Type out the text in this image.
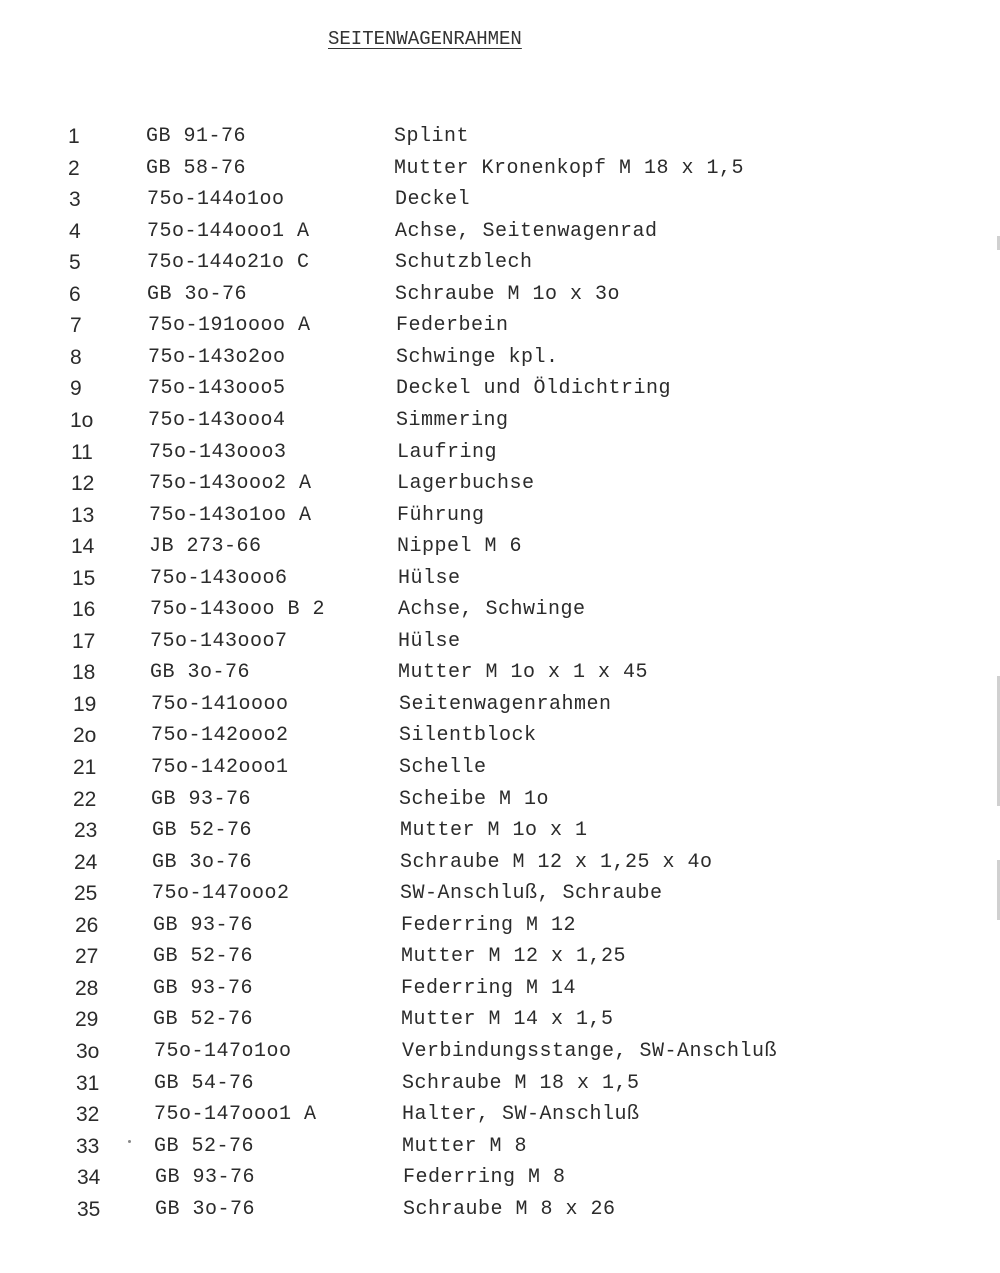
SEITENWAGENRAHMEN
1	GB 91-76	Splint
2	GB 58-76	Mutter Kronenkopf M 18 x 1,5
3	75o-144o1oo	Deckel
4	75o-144ooo1 A	Achse, Seitenwagenrad
5	75o-144o21o C	Schutzblech
6	GB 3o-76	Schraube M 1o x 3o
7	75o-191oooo A	Federbein
8	75o-143o2oo	Schwinge kpl.
9	75o-143ooo5	Deckel und Öldichtring
1o	75o-143ooo4	Simmering
11	75o-143ooo3	Laufring
12	75o-143ooo2 A	Lagerbuchse
13	75o-143o1oo A	Führung
14	JB 273-66	Nippel M 6
15	75o-143ooo6	Hülse
16	75o-143ooo B 2	Achse, Schwinge
17	75o-143ooo7	Hülse
18	GB 3o-76	Mutter M 1o x 1 x 45
19	75o-141oooo	Seitenwagenrahmen
2o	75o-142ooo2	Silentblock
21	75o-142ooo1	Schelle
22	GB 93-76	Scheibe M 1o
23	GB 52-76	Mutter M 1o x 1
24	GB 3o-76	Schraube M 12 x 1,25 x 4o
25	75o-147ooo2	SW-Anschluß, Schraube
26	GB 93-76	Federring M 12
27	GB 52-76	Mutter M 12 x 1,25
28	GB 93-76	Federring M 14
29	GB 52-76	Mutter M 14 x 1,5
3o	75o-147o1oo	Verbindungsstange, SW-Anschluß
31	GB 54-76	Schraube M 18 x 1,5
32	75o-147ooo1 A	Halter, SW-Anschluß
33	GB 52-76	Mutter M 8
34	GB 93-76	Federring M 8
35	GB 3o-76	Schraube M 8 x 26
